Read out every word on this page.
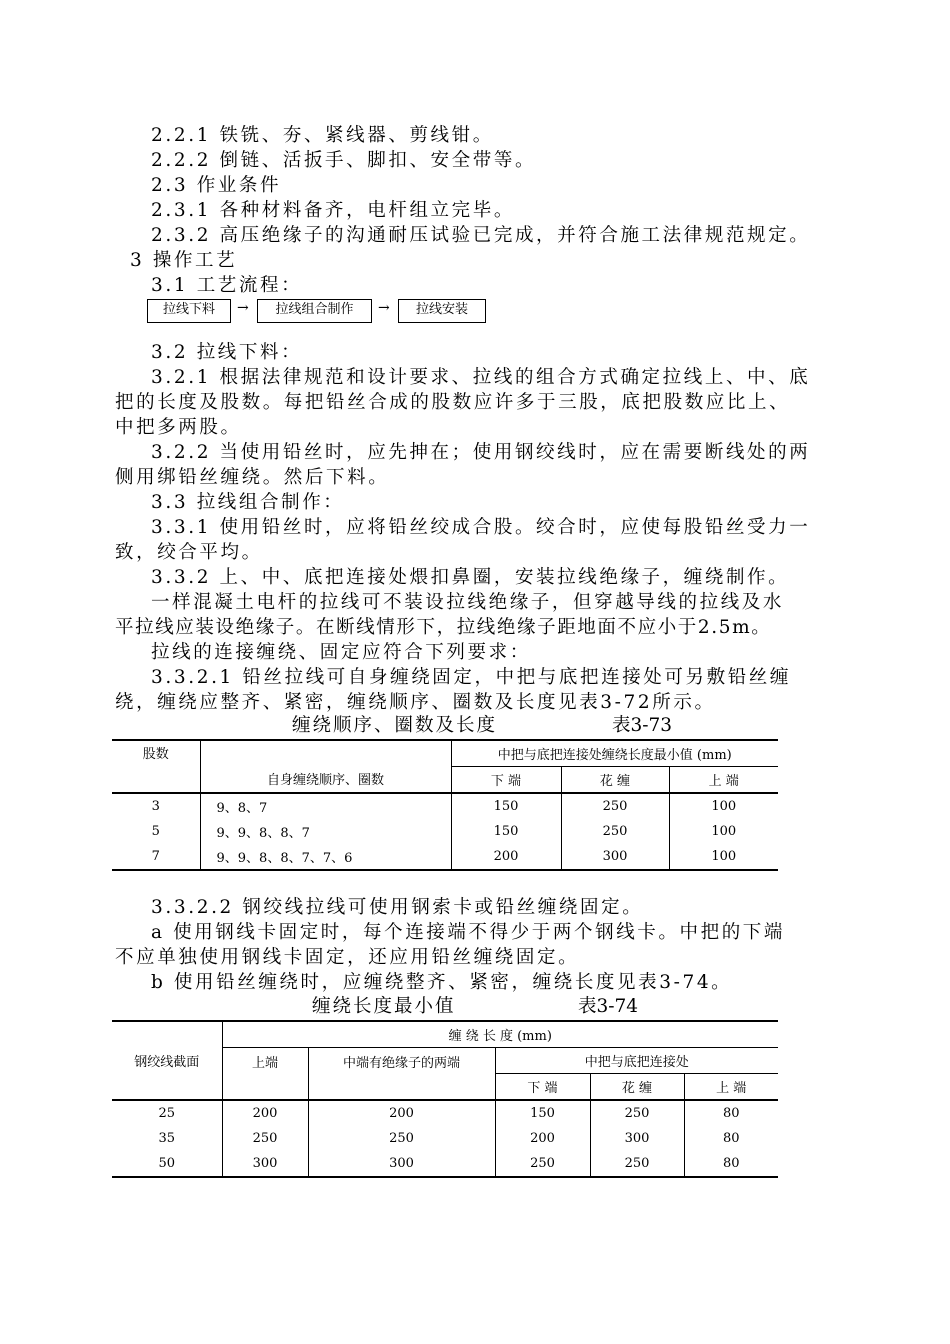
2.2.1 铁铣、夯、紧线器、剪线钳。
2.2.2 倒链、活扳手、脚扣、安全带等。
2.3 作业条件
2.3.1 各种材料备齐，电杆组立完毕。
2.3.2 高压绝缘子的沟通耐压试验已完成，并符合施工法律规范规定。
3 操作工艺
3.1 工艺流程：
拉线下料	→	拉线组合制作	→	拉线安装
3.2 拉线下料：
3.2.1 根据法律规范和设计要求、拉线的组合方式确定拉线上、中、底
把的长度及股数。每把铅丝合成的股数应许多于三股，底把股数应比上、
中把多两股。
3.2.2 当使用铅丝时，应先抻在；使用钢绞线时，应在需要断线处的两
侧用绑铅丝缠绕。然后下料。
3.3 拉线组合制作：
3.3.1 使用铅丝时，应将铅丝绞成合股。绞合时，应使每股铅丝受力一
致，绞合平均。
3.3.2 上、中、底把连接处煨扣鼻圈，安装拉线绝缘子，缠绕制作。
一样混凝土电杆的拉线可不装设拉线绝缘子，但穿越导线的拉线及水
平拉线应装设绝缘子。在断线情形下，拉线绝缘子距地面不应小于2.5m。
拉线的连接缠绕、固定应符合下列要求：
3.3.2.1 铅丝拉线可自身缠绕固定，中把与底把连接处可另敷铅丝缠
绕，缠绕应整齐、紧密，缠绕顺序、圈数及长度见表3-72所示。
缠绕顺序、圈数及长度	表3-73
股数	自身缠绕顺序、圈数	中把与底把连接处缠绕长度最小值 (mm)		
		下 端	花 缠	上 端
3	9、8、7	150	250	100
5	9、9、8、8、7	150	250	100
7	9、9、8、8、7、7、6	200	300	100
3.3.2.2 钢绞线拉线可使用钢索卡或铅丝缠绕固定。
a 使用钢线卡固定时，每个连接端不得少于两个钢线卡。中把的下端
不应单独使用钢线卡固定，还应用铅丝缠绕固定。
b 使用铅丝缠绕时，应缠绕整齐、紧密，缠绕长度见表3-74。
缠绕长度最小值	表3-74
钢绞线截面	缠 绕 长 度 (mm)				
	上端	中端有绝缘子的两端	中把与底把连接处		
			下 端	花 缠	上 端
25	200	200	150	250	80
35	250	250	200	300	80
50	300	300	250	250	80
